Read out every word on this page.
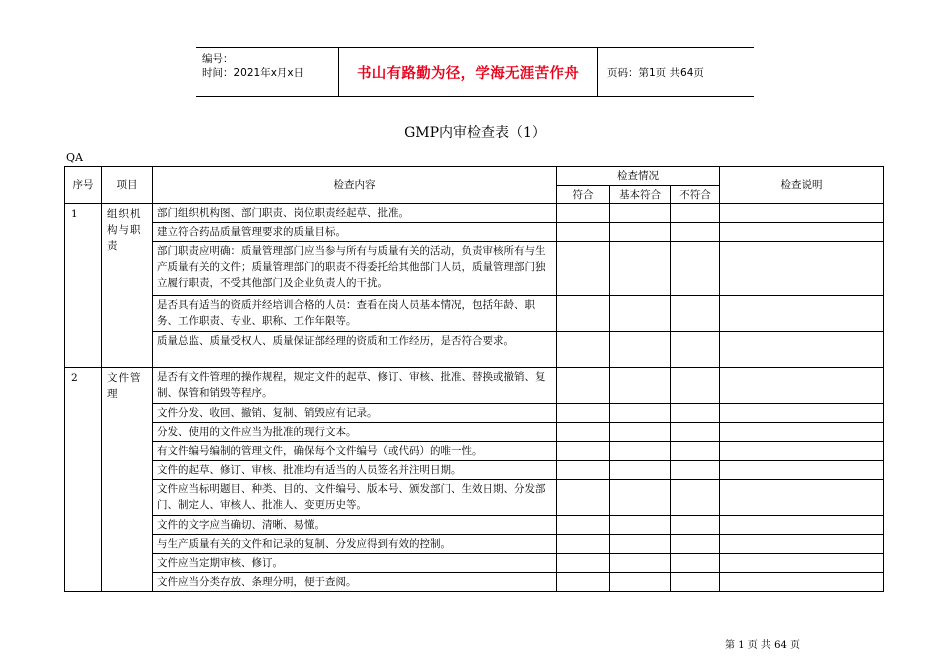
编号：
时间：2021年x月x日	书山有路勤为径，学海无涯苦作舟	页码：第1页 共64页
GMP内审检查表（1）
QA
序号	项目	检查内容	检查情况			检查说明
			符合	基本符合	不符合	
1	组织机构与职责	部门组织机构图、部门职责、岗位职责经起草、批准。				
		建立符合药品质量管理要求的质量目标。				
		部门职责应明确：质量管理部门应当参与所有与质量有关的活动，负责审核所有与生产质量有关的文件；质量管理部门的职责不得委托给其他部门人员，质量管理部门独立履行职责，不受其他部门及企业负责人的干扰。				
		是否具有适当的资质并经培训合格的人员：查看在岗人员基本情况，包括年龄、职务、工作职责、专业、职称、工作年限等。				
		质量总监、质量受权人、质量保证部经理的资质和工作经历，是否符合要求。				
2	文件管理	是否有文件管理的操作规程，规定文件的起草、修订、审核、批准、替换或撤销、复制、保管和销毁等程序。				
		文件分发、收回、撤销、复制、销毁应有记录。				
		分发、使用的文件应当为批准的现行文本。				
		有文件编号编制的管理文件，确保每个文件编号（或代码）的唯一性。				
		文件的起草、修订、审核、批准均有适当的人员签名并注明日期。				
		文件应当标明题目、种类、目的、文件编号、版本号、颁发部门、生效日期、分发部门、制定人、审核人、批准人、变更历史等。				
		文件的文字应当确切、清晰、易懂。				
		与生产质量有关的文件和记录的复制、分发应得到有效的控制。				
		文件应当定期审核、修订。				
		文件应当分类存放、条理分明，便于查阅。				
第 1 页 共 64 页
